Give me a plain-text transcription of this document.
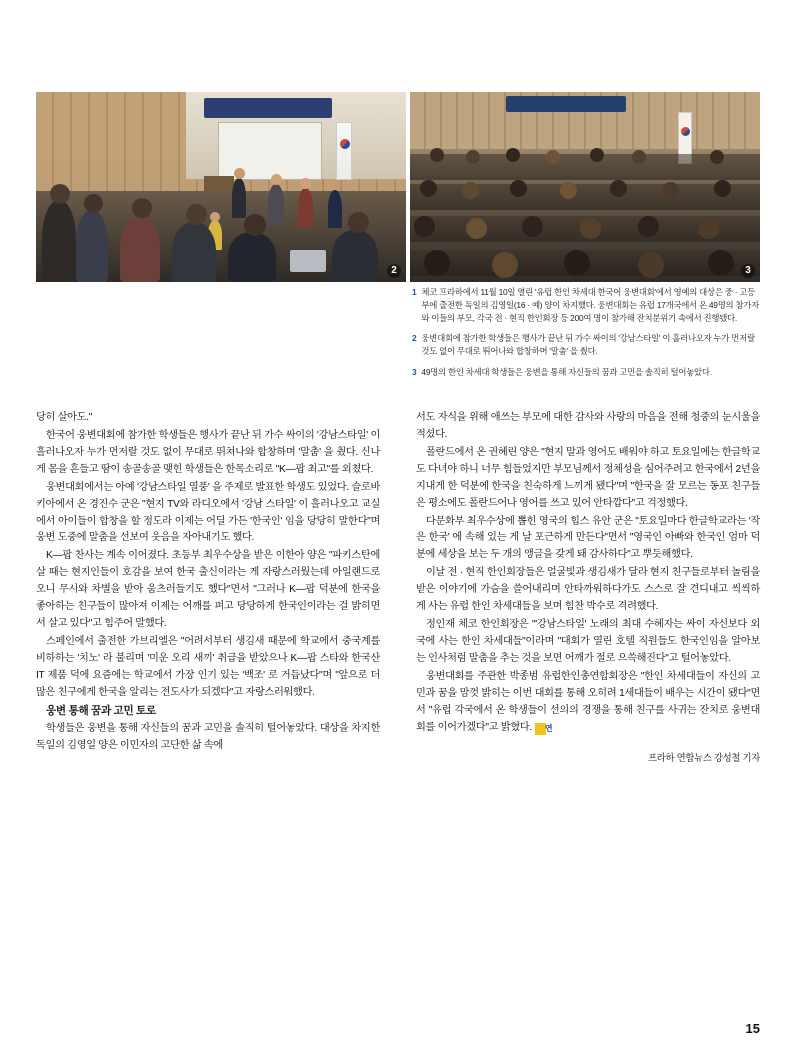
2	3
1 체코 프라하에서 11월 10일 열린 '유럽 한인 차세대 한국어 웅변대회'에서 영예의 대상은 중 · 고등부에 출전한 독일의 김영일(16 · 예) 양이 차지했다. 웅변대회는 유럽 17개국에서 온 49명의 참가자와 이들의 부모, 각국 전 · 현직 한인회장 등 200여 명이 참가해 잔치분위기 속에서 진행됐다.
2 웅변대회에 참가한 학생들은 행사가 끝난 뒤 가수 싸이의 '강남스타일' 이 흘러나오자 누가 먼저랄 것도 없이 무대로 뛰어나와 합창하며 '말춤' 을 췄다.
3 49명의 한인 차세대 학생들은 웅변을 통해 자신들의 꿈과 고민을 솔직히 털어놓았다.

당히 살아도."

한국어 웅변대회에 참가한 학생들은 행사가 끝난 뒤 가수 싸이의 '강남스타일' 이 흘러나오자 누가 먼저랄 것도 없이 무대로 뛰쳐나와 합창하며 '말춤' 을 췄다. 신나게 몸을 흔들고 땀이 송골송골 맺힌 학생들은 한목소리로 "K―팝 최고"를 외쳤다.

웅변대회에서는 아예 '강남스타일 열풍' 을 주제로 발표한 학생도 있었다. 슬로바키아에서 온 경진수 군은 "현지 TV와 라디오에서 '강남 스타일' 이 흘러나오고 교실에서 아이들이 합창을 할 정도라 이제는 어딜 가든 '한국인' 임을 당당히 말한다"며 웅변 도중에 말춤을 선보여 웃음을 자아내기도 했다.

K―팝 찬사는 계속 이어졌다. 초등부 최우수상을 받은 이한아 양은 "파키스탄에 살 때는 현지인들이 호감을 보여 한국 출신이라는 게 자랑스러웠는데 아일랜드로 오니 무시와 차별을 받아 움츠러들기도 했다"면서 "그러나 K―팝 덕분에 한국을 좋아하는 친구들이 많아져 이제는 어깨를 펴고 당당하게 한국인이라는 걸 밝히면서 살고 있다"고 힘주어 말했다.

스페인에서 출전한 가브리엘은 "어려서부터 생김새 때문에 학교에서 중국계를 비하하는 '치노' 라 불리며 '미운 오리 새끼' 취급을 받았으나 K―팝 스타와 한국산 IT 제품 덕에 요즘에는 학교에서 가장 인기 있는 '백조' 로 거듭났다"며 "앞으로 더 많은 친구에게 한국을 알리는 전도사가 되겠다"고 자랑스러워했다.

웅변 통해 꿈과 고민 토로

학생들은 웅변을 통해 자신들의 꿈과 고민을 솔직히 털어놓았다. 대상을 차지한 독일의 김영일 양은 이민자의 고단한 삶 속에

서도 자식을 위해 애쓰는 부모에 대한 감사와 사랑의 마음을 전해 청중의 눈시울을 적셨다.

폴란드에서 온 권혜린 양은 "현지 말과 영어도 배워야 하고 토요일에는 한글학교도 다녀야 하니 너무 힘들었지만 부모님께서 정체성을 심어주려고 한국에서 2년을 지내게 한 덕분에 한국을 친숙하게 느끼게 됐다"며 "한국을 잘 모르는 동포 친구들은 평소에도 폴란드어나 영어를 쓰고 있어 안타깝다"고 걱정했다.

다문화부 최우수상에 뽑힌 영국의 힙스 유안 군은 "토요일마다 한글학교라는 '작은 한국' 에 속해 있는 게 날 포근하게 만든다"면서 "영국인 아빠와 한국인 엄마 덕분에 세상을 보는 두 개의 앵글을 갖게 돼 감사하다"고 뿌듯해했다.

이날 전 · 현직 한인회장들은 얼굴빛과 생김새가 달라 현지 친구들로부터 놀림을 받은 이야기에 가슴을 쓸어내리며 안타까워하다가도 스스로 잘 견디내고 씩씩하게 사는 유럽 한인 차세대들을 보며 힘찬 박수로 격려했다.

정인재 체코 한인회장은 "'강남스타일' 노래의 최대 수혜자는 싸이 자신보다 외국에 사는 한인 차세대들"이라며 "대회가 열린 호텔 직원들도 한국인임을 알아보는 인사처럼 말춤을 추는 것을 보면 어깨가 절로 으쓱해진다"고 털어놓았다.

웅변대회를 주관한 박종범 유럽한인총연합회장은 "한인 차세대들이 자신의 고민과 꿈을 맘껏 밝히는 이번 대회를 통해 오히려 1세대들이 배우는 시간이 됐다"면서 "유럽 각국에서 온 학생들이 선의의 경쟁을 통해 친구를 사귀는 잔치로 웅변대회를 이어가겠다"고 밝혔다. 연

프라하 연합뉴스 강성철 기자
15
